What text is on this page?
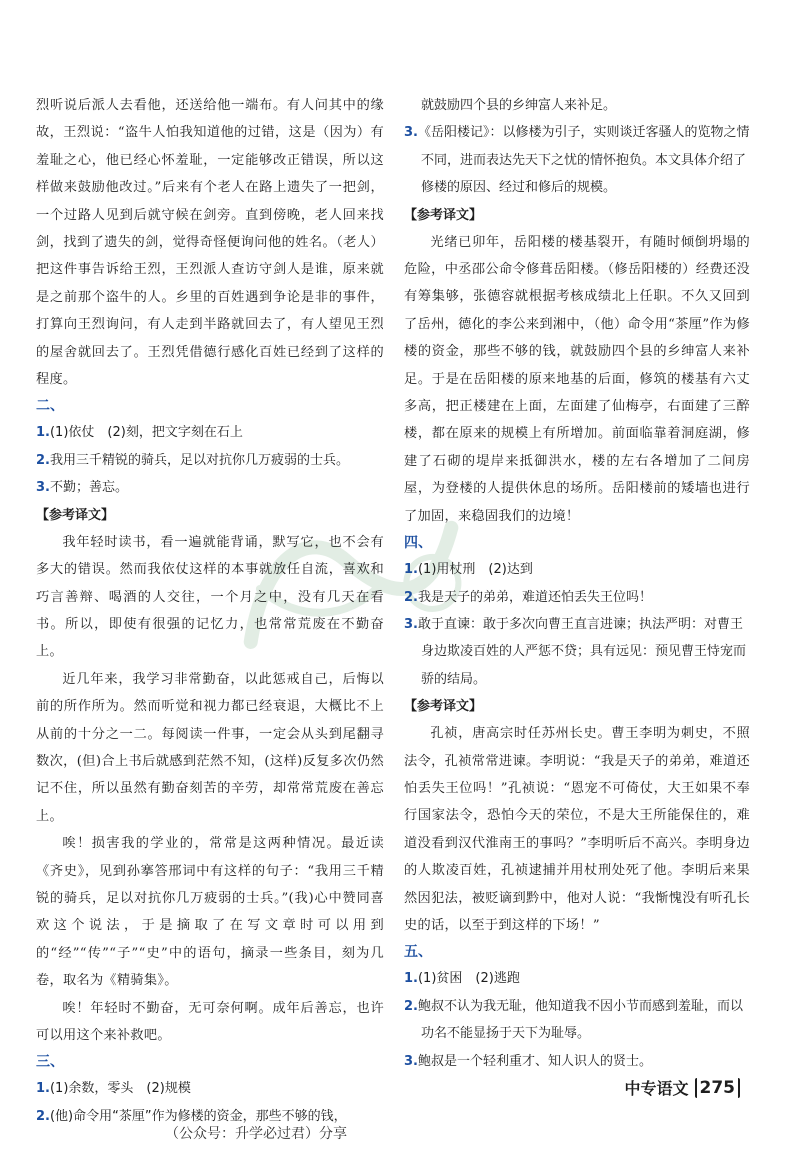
烈听说后派人去看他，还送给他一端布。有人问其中的缘故，王烈说：“盗牛人怕我知道他的过错，这是（因为）有羞耻之心，他已经心怀羞耻，一定能够改正错误，所以这样做来鼓励他改过。”后来有个老人在路上遗失了一把剑，一个过路人见到后就守候在剑旁。直到傍晚，老人回来找剑，找到了遗失的剑，觉得奇怪便询问他的姓名。（老人）把这件事告诉给王烈，王烈派人查访守剑人是谁，原来就是之前那个盗牛的人。乡里的百姓遇到争论是非的事件，打算向王烈询问，有人走到半路就回去了，有人望见王烈的屋舍就回去了。王烈凭借德行感化百姓已经到了这样的程度。

二、

1.(1)依仗　(2)刻，把文字刻在石上

2.我用三千精锐的骑兵，足以对抗你几万疲弱的士兵。

3.不勤；善忘。

【参考译文】

我年轻时读书，看一遍就能背诵，默写它，也不会有多大的错误。然而我依仗这样的本事就放任自流，喜欢和巧言善辩、喝酒的人交往，一个月之中，没有几天在看书。所以，即使有很强的记忆力，也常常荒废在不勤奋上。

近几年来，我学习非常勤奋，以此惩戒自己，后悔以前的所作所为。然而听觉和视力都已经衰退，大概比不上从前的十分之一二。每阅读一件事，一定会从头到尾翻寻数次，(但)合上书后就感到茫然不知，(这样)反复多次仍然记不住，所以虽然有勤奋刻苦的辛劳，却常常荒废在善忘上。

唉！损害我的学业的，常常是这两种情况。最近读《齐史》，见到孙搴答邢词中有这样的句子：“我用三千精锐的骑兵，足以对抗你几万疲弱的士兵。”(我)心中赞同喜欢这个说法，于是摘取了在写文章时可以用到的“经”“传”“子”“史”中的语句，摘录一些条目，刻为几卷，取名为《精骑集》。

唉！年轻时不勤奋，无可奈何啊。成年后善忘，也许可以用这个来补救吧。

三、

1.(1)余数，零头　(2)规模

2.(他)命令用“茶厘”作为修楼的资金，那些不够的钱，

就鼓励四个县的乡绅富人来补足。

3.《岳阳楼记》：以修楼为引子，实则谈迁客骚人的览物之情不同，进而表达先天下之忧的情怀抱负。本文具体介绍了修楼的原因、经过和修后的规模。

【参考译文】

光绪已卯年，岳阳楼的楼基裂开，有随时倾倒坍塌的危险，中丞邵公命令修葺岳阳楼。（修岳阳楼的）经费还没有筹集够，张德容就根据考核成绩北上任职。不久又回到了岳州，德化的李公来到湘中，（他）命令用“茶厘”作为修楼的资金，那些不够的钱，就鼓励四个县的乡绅富人来补足。于是在岳阳楼的原来地基的后面，修筑的楼基有六丈多高，把正楼建在上面，左面建了仙梅亭，右面建了三醉楼，都在原来的规模上有所增加。前面临靠着洞庭湖，修建了石砌的堤岸来抵御洪水，楼的左右各增加了二间房屋，为登楼的人提供休息的场所。岳阳楼前的矮墙也进行了加固，来稳固我们的边境！

四、

1.(1)用杖刑　(2)达到

2.我是天子的弟弟，难道还怕丢失王位吗！

3.敢于直谏：敢于多次向曹王直言进谏；执法严明：对曹王身边欺凌百姓的人严惩不贷；具有远见：预见曹王恃宠而骄的结局。

【参考译文】

孔祯，唐高宗时任苏州长史。曹王李明为刺史，不照法令，孔祯常常进谏。李明说：“我是天子的弟弟，难道还怕丢失王位吗！”孔祯说：“恩宠不可倚仗，大王如果不奉行国家法令，恐怕今天的荣位，不是大王所能保住的，难道没看到汉代淮南王的事吗？”李明听后不高兴。李明身边的人欺凌百姓，孔祯逮捕并用杖刑处死了他。李明后来果然因犯法，被贬谪到黔中，他对人说：“我惭愧没有听孔长史的话，以至于到这样的下场！”

五、

1.(1)贫困　(2)逃跑

2.鲍叔不认为我无耻，他知道我不因小节而感到羞耻，而以功名不能显扬于天下为耻辱。

3.鲍叔是一个轻利重才、知人识人的贤士。

中专语文 275
（公众号：升学必过君）分享
